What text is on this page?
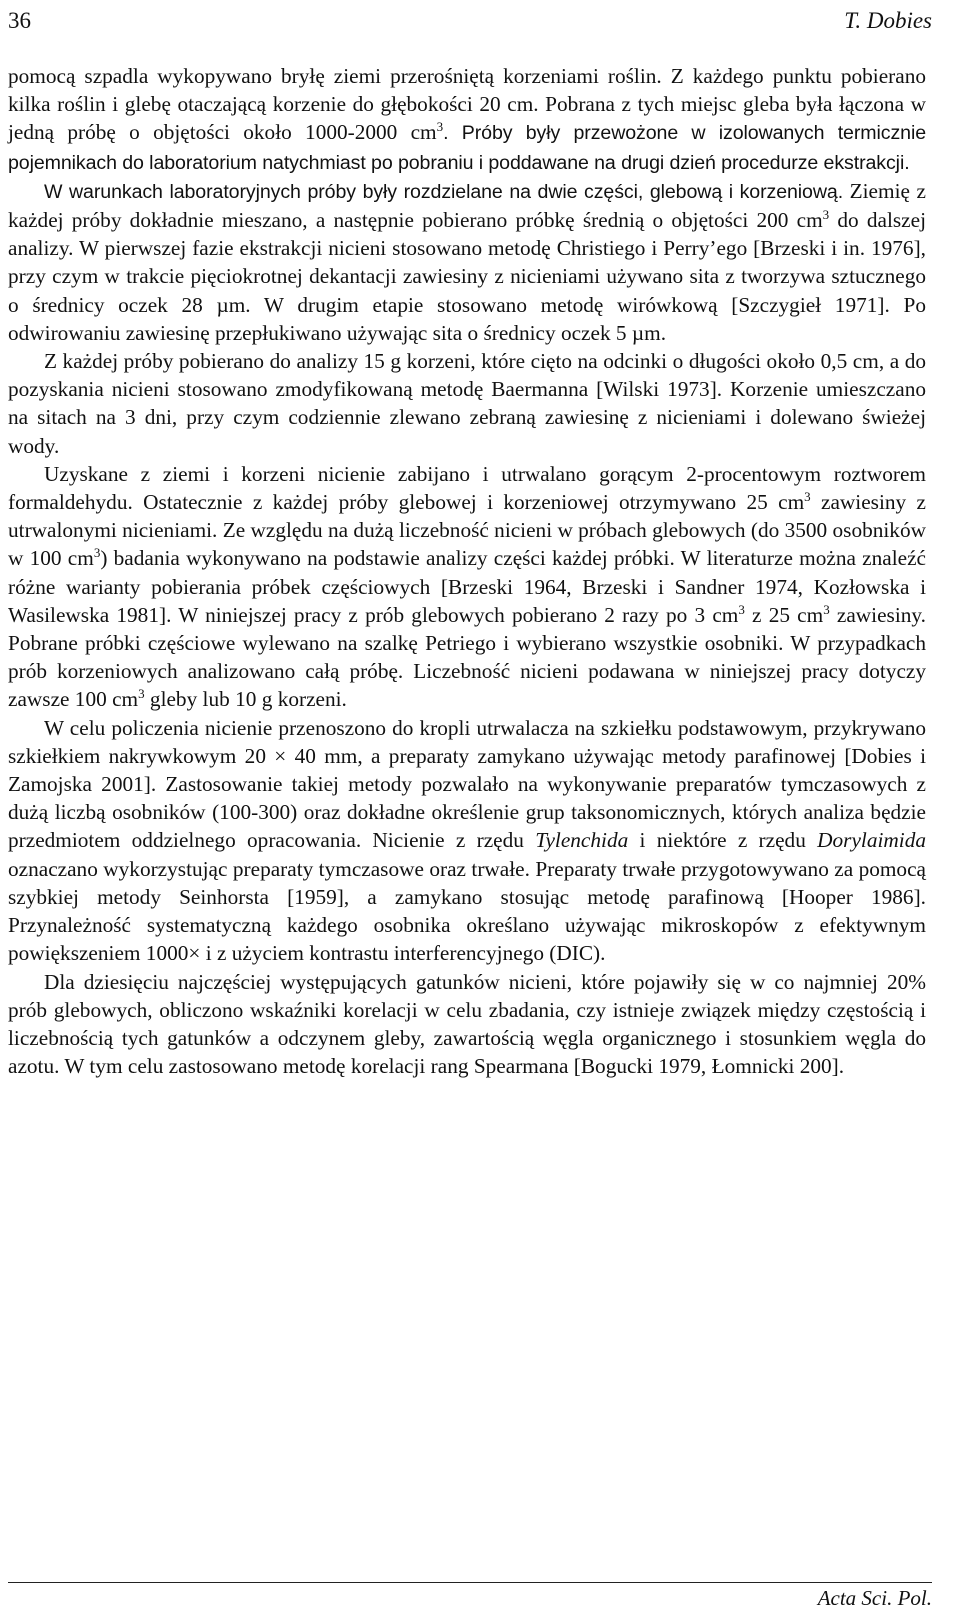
36	T. Dobies

pomocą szpadla wykopywano bryłę ziemi przerośniętą korzeniami roślin. Z każdego punktu pobierano kilka roślin i glebę otaczającą korzenie do głębokości 20 cm. Pobrana z tych miejsc gleba była łączona w jedną próbę o objętości około 1000-2000 $cm^3$. Próby były przewożone w izolowanych termicznie pojemnikach do laboratorium natychmiast po pobraniu i poddawane na drugi dzień procedurze ekstrakcji.

W warunkach laboratoryjnych próby były rozdzielane na dwie części, glebową i korzeniową. Ziemię z każdej próby dokładnie mieszano, a następnie pobierano próbkę średnią o objętości 200 $cm^3$ do dalszej analizy. W pierwszej fazie ekstrakcji nicieni stosowano metodę Christiego i Perry’ego [Brzeski i in. 1976], przy czym w trakcie pięciokrotnej dekantacji zawiesiny z nicieniami używano sita z tworzywa sztucznego o średnicy oczek 28 µm. W drugim etapie stosowano metodę wirówkową [Szczygieł 1971]. Po odwirowaniu zawiesinę przepłukiwano używając sita o średnicy oczek 5 µm.

Z każdej próby pobierano do analizy 15 g korzeni, które cięto na odcinki o długości około 0,5 cm, a do pozyskania nicieni stosowano zmodyfikowaną metodę Baermanna [Wilski 1973]. Korzenie umieszczano na sitach na 3 dni, przy czym codziennie zlewano zebraną zawiesinę z nicieniami i dolewano świeżej wody.

Uzyskane z ziemi i korzeni nicienie zabijano i utrwalano gorącym 2-procentowym roztworem formaldehydu. Ostatecznie z każdej próby glebowej i korzeniowej otrzymywano 25 $cm^3$ zawiesiny z utrwalonymi nicieniami. Ze względu na dużą liczebność nicieni w próbach glebowych (do 3500 osobników w 100 $cm^3$) badania wykonywano na podstawie analizy części każdej próbki. W literaturze można znaleźć różne warianty pobierania próbek częściowych [Brzeski 1964, Brzeski i Sandner 1974, Kozłowska i Wasilewska 1981]. W niniejszej pracy z prób glebowych pobierano 2 razy po 3 $cm^3$ z 25 $cm^3$ zawiesiny. Pobrane próbki częściowe wylewano na szalkę Petriego i wybierano wszystkie osobniki. W przypadkach prób korzeniowych analizowano całą próbę. Liczebność nicieni podawana w niniejszej pracy dotyczy zawsze 100 $cm^3$ gleby lub 10 g korzeni.

W celu policzenia nicienie przenoszono do kropli utrwalacza na szkiełku podstawowym, przykrywano szkiełkiem nakrywkowym 20 × 40 mm, a preparaty zamykano używając metody parafinowej [Dobies i Zamojska 2001]. Zastosowanie takiej metody pozwalało na wykonywanie preparatów tymczasowych z dużą liczbą osobników (100-300) oraz dokładne określenie grup taksonomicznych, których analiza będzie przedmiotem oddzielnego opracowania. Nicienie z rzędu Tylenchida i niektóre z rzędu Dorylaimida oznaczano wykorzystując preparaty tymczasowe oraz trwałe. Preparaty trwałe przygotowywano za pomocą szybkiej metody Seinhorsta [1959], a zamykano stosując metodę parafinową [Hooper 1986]. Przynależność systematyczną każdego osobnika określano używając mikroskopów z efektywnym powiększeniem 1000× i z użyciem kontrastu interferencyjnego (DIC).

Dla dziesięciu najczęściej występujących gatunków nicieni, które pojawiły się w co najmniej 20% prób glebowych, obliczono wskaźniki korelacji w celu zbadania, czy istnieje związek między częstością i liczebnością tych gatunków a odczynem gleby, zawartością węgla organicznego i stosunkiem węgla do azotu. W tym celu zastosowano metodę korelacji rang Spearmana [Bogucki 1979, Łomnicki 200].

Acta Sci. Pol.
